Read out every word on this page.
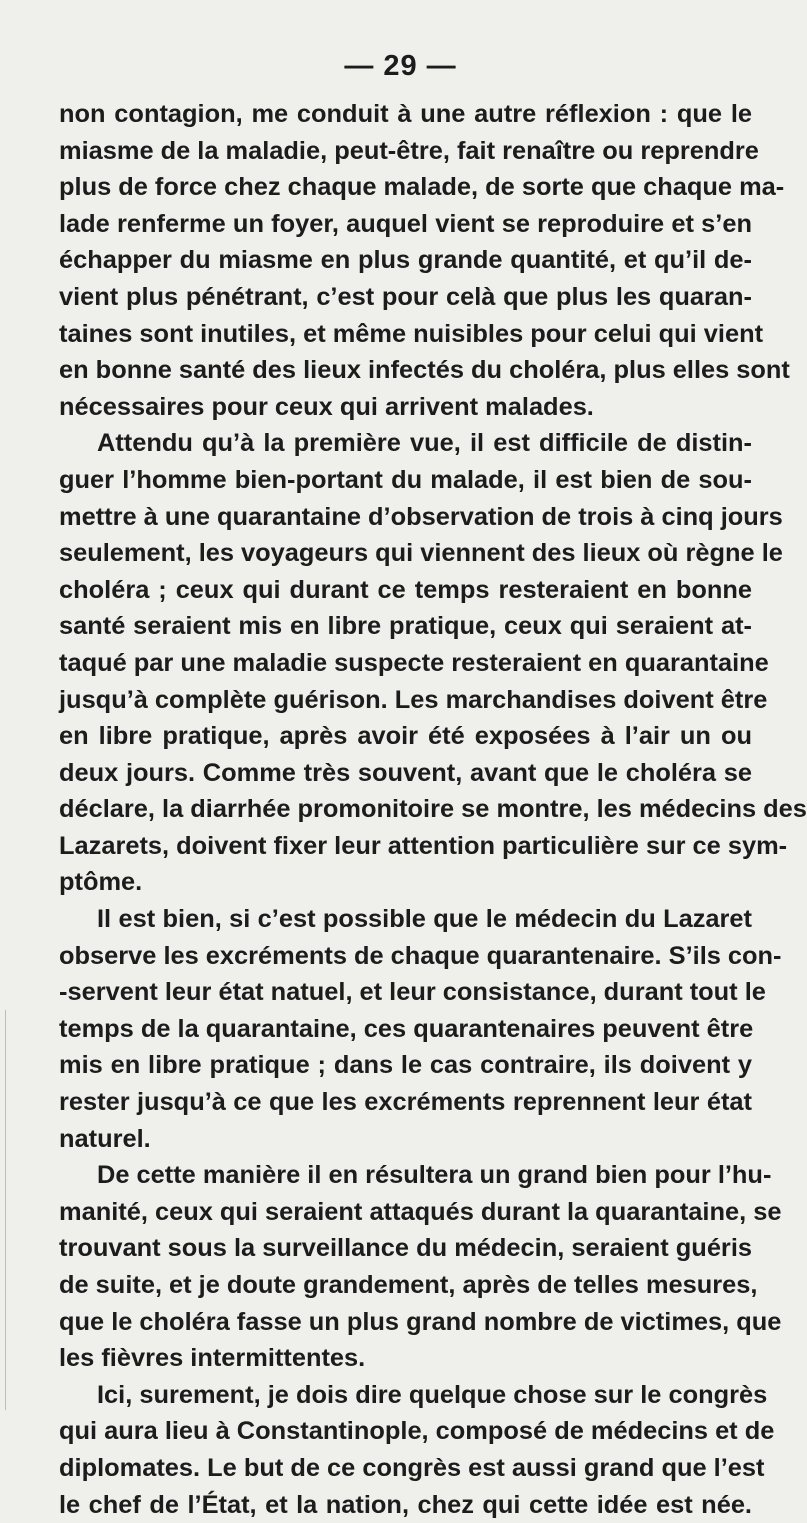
— 29 —
non contagion, me conduit à une autre réflexion : que le
miasme de la maladie, peut-être, fait renaître ou reprendre
plus de force chez chaque malade, de sorte que chaque ma-
lade renferme un foyer, auquel vient se reproduire et s’en
échapper du miasme en plus grande quantité, et qu’il de-
vient plus pénétrant, c’est pour celà que plus les quaran-
taines sont inutiles, et même nuisibles pour celui qui vient
en bonne santé des lieux infectés du choléra, plus elles sont
nécessaires pour ceux qui arrivent malades.
Attendu qu’à la première vue, il est difficile de distin-
guer l’homme bien-portant du malade, il est bien de sou-
mettre à une quarantaine d’observation de trois à cinq jours
seulement, les voyageurs qui viennent des lieux où règne le
choléra ; ceux qui durant ce temps resteraient en bonne
santé seraient mis en libre pratique, ceux qui seraient at-
taqué par une maladie suspecte resteraient en quarantaine
jusqu’à complète guérison. Les marchandises doivent être
en libre pratique, après avoir été exposées à l’air un ou
deux jours. Comme très souvent, avant que le choléra se
déclare, la diarrhée promonitoire se montre, les médecins des
Lazarets, doivent fixer leur attention particulière sur ce sym-
ptôme.
Il est bien, si c’est possible que le médecin du Lazaret
observe les excréments de chaque quarantenaire. S’ils con-
-servent leur état natuel, et leur consistance, durant tout le
temps de la quarantaine, ces quarantenaires peuvent être
mis en libre pratique ; dans le cas contraire, ils doivent y
rester jusqu’à ce que les excréments reprennent leur état
naturel.
De cette manière il en résultera un grand bien pour l’hu-
manité, ceux qui seraient attaqués durant la quarantaine, se
trouvant sous la surveillance du médecin, seraient guéris
de suite, et je doute grandement, après de telles mesures,
que le choléra fasse un plus grand nombre de victimes, que
les fièvres intermittentes.
Ici, surement, je dois dire quelque chose sur le congrès
qui aura lieu à Constantinople, composé de médecins et de
diplomates. Le but de ce congrès est aussi grand que l’est
le chef de l’État, et la nation, chez qui cette idée est née.
